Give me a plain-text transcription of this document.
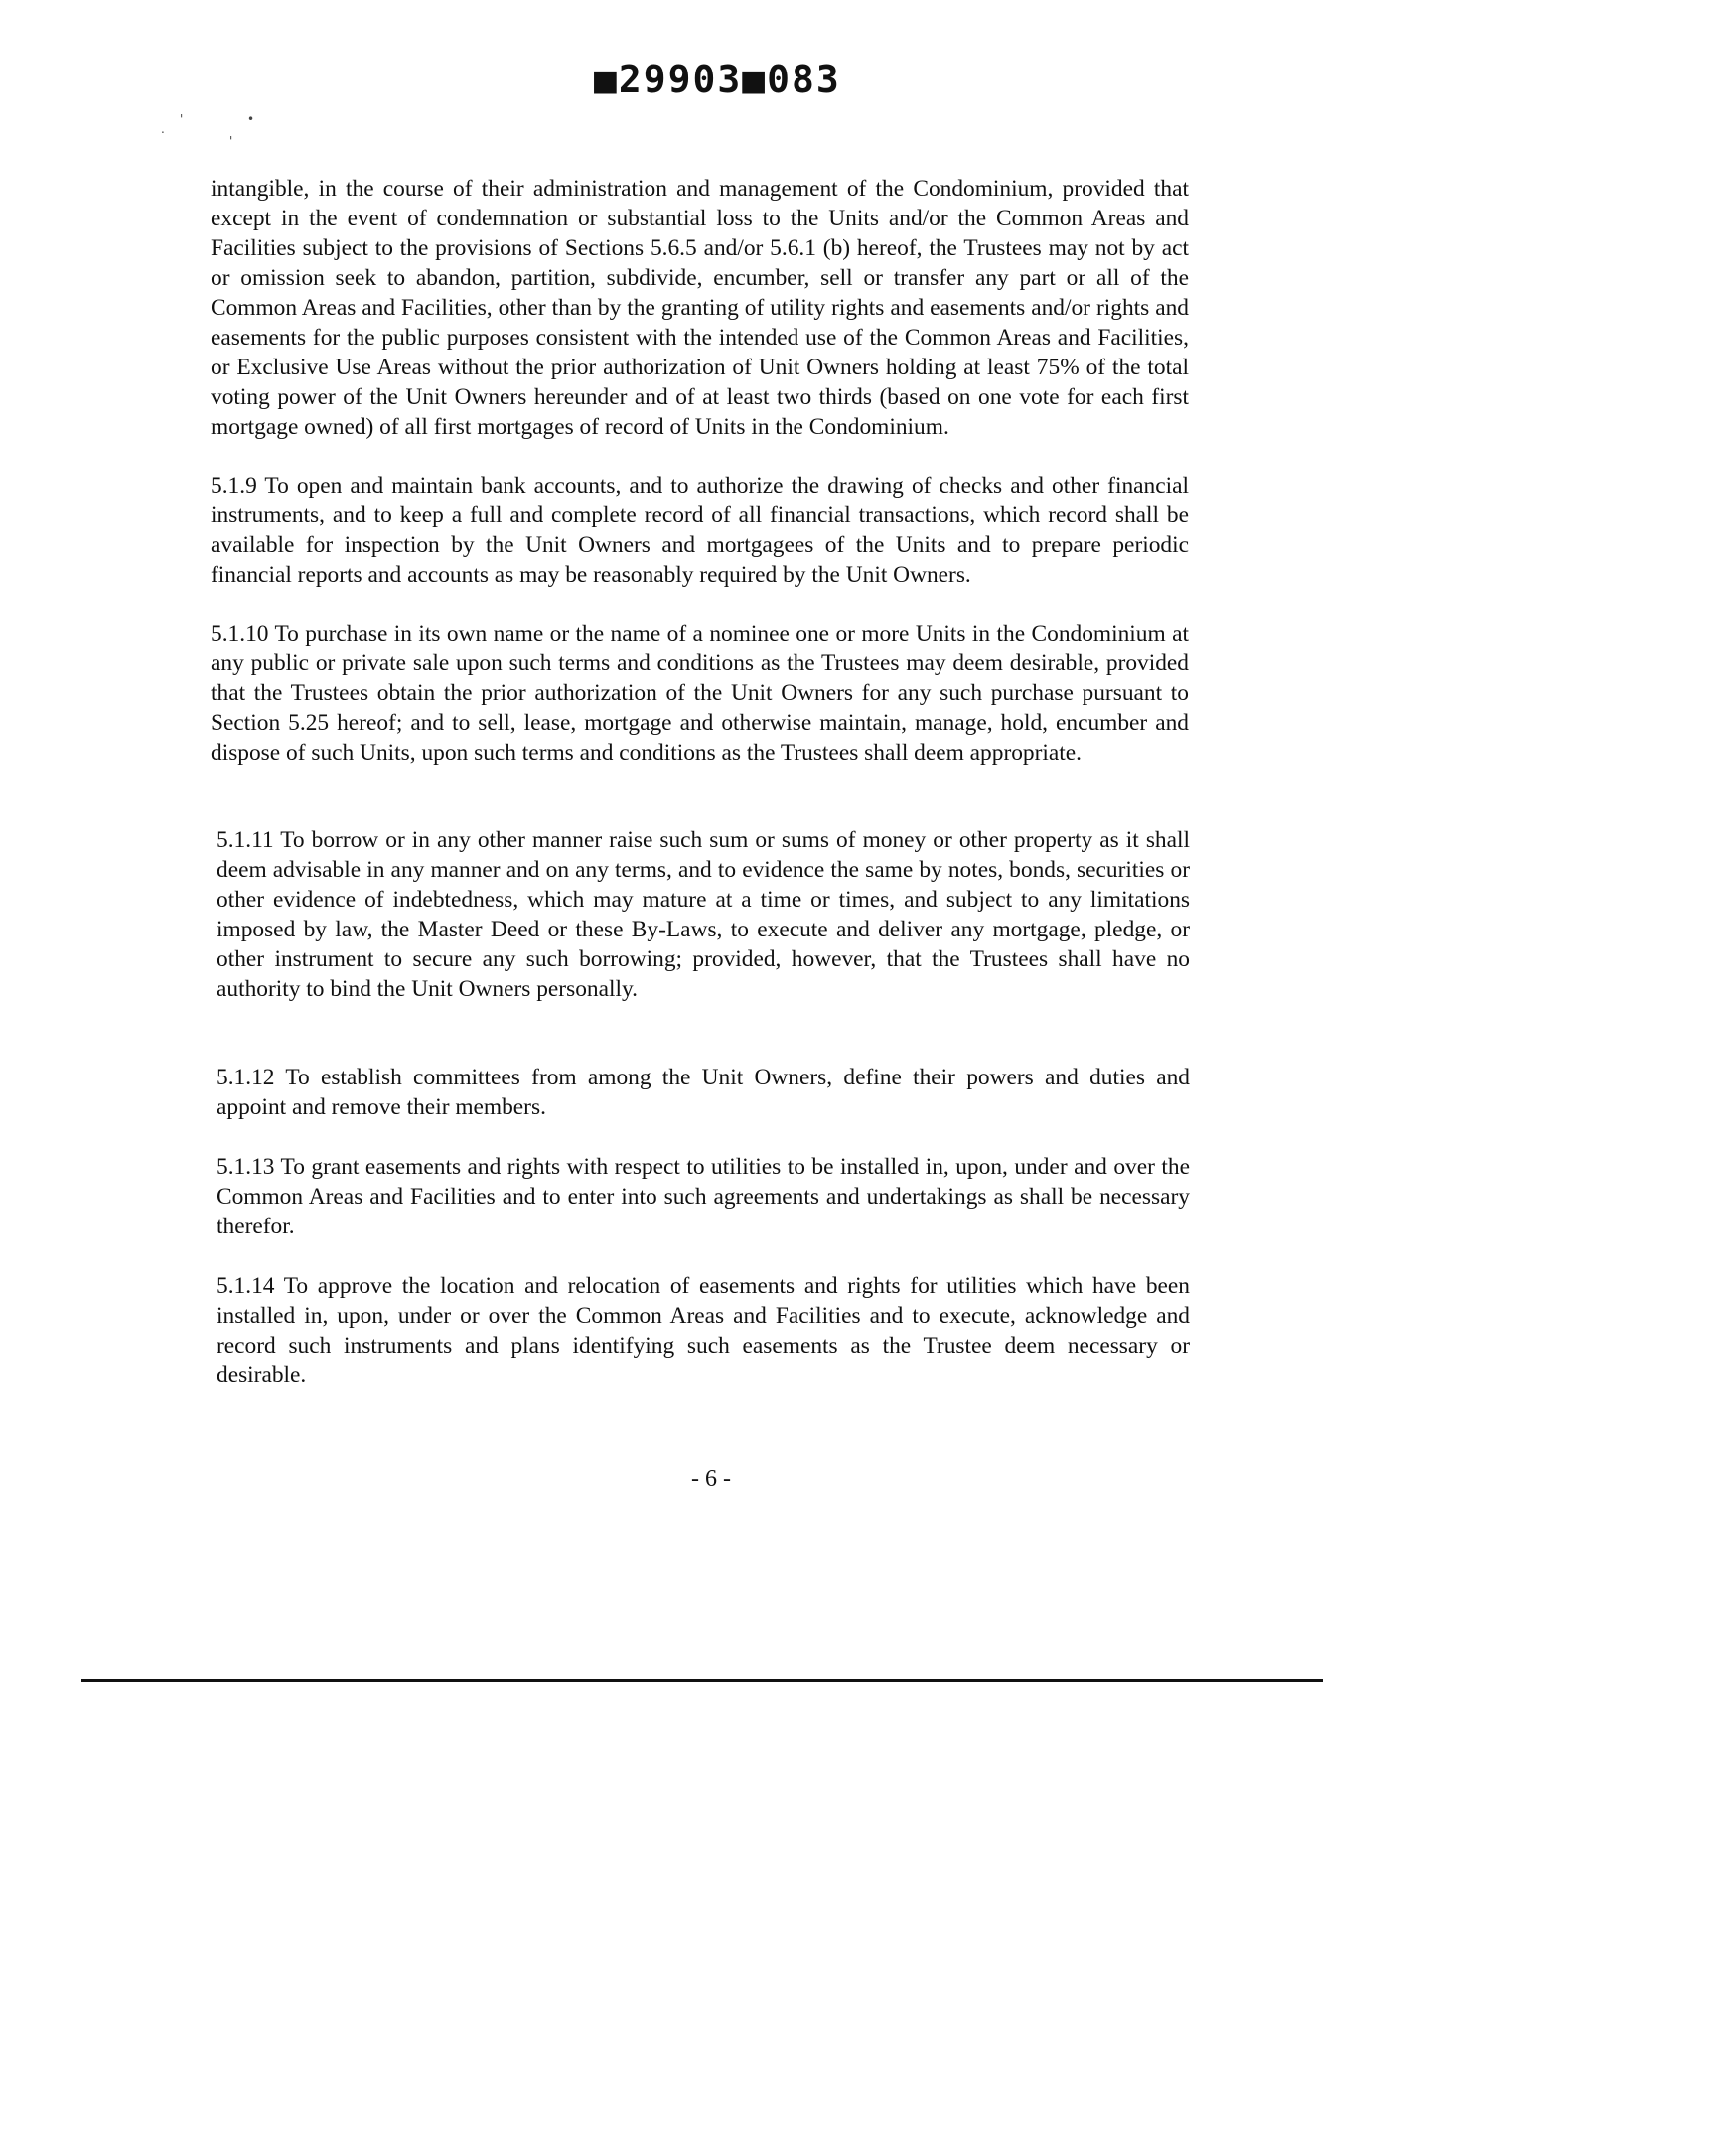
■29903■083
.
'	•
'
intangible, in the course of their administration and management of the Condominium, provided that except in the event of condemnation or substantial loss to the Units and/or the Common Areas and Facilities subject to the provisions of Sections 5.6.5 and/or 5.6.1 (b) hereof, the Trustees may not by act or omission seek to abandon, partition, subdivide, encumber, sell or transfer any part or all of the Common Areas and Facilities, other than by the granting of utility rights and easements and/or rights and easements for the public purposes consistent with the intended use of the Common Areas and Facilities, or Exclusive Use Areas without the prior authorization of Unit Owners holding at least 75% of the total voting power of the Unit Owners hereunder and of at least two thirds (based on one vote for each first mortgage owned) of all first mortgages of record of Units in the Condominium.
5.1.9 To open and maintain bank accounts, and to authorize the drawing of checks and other financial instruments, and to keep a full and complete record of all financial transactions, which record shall be available for inspection by the Unit Owners and mortgagees of the Units and to prepare periodic financial reports and accounts as may be reasonably required by the Unit Owners.
5.1.10 To purchase in its own name or the name of a nominee one or more Units in the Condominium at any public or private sale upon such terms and conditions as the Trustees may deem desirable, provided that the Trustees obtain the prior authorization of the Unit Owners for any such purchase pursuant to Section 5.25 hereof; and to sell, lease, mortgage and otherwise maintain, manage, hold, encumber and dispose of such Units, upon such terms and conditions as the Trustees shall deem appropriate.
5.1.11 To borrow or in any other manner raise such sum or sums of money or other property as it shall deem advisable in any manner and on any terms, and to evidence the same by notes, bonds, securities or other evidence of indebtedness, which may mature at a time or times, and subject to any limitations imposed by law, the Master Deed or these By-Laws, to execute and deliver any mortgage, pledge, or other instrument to secure any such borrowing; provided, however, that the Trustees shall have no authority to bind the Unit Owners personally.
5.1.12 To establish committees from among the Unit Owners, define their powers and duties and appoint and remove their members.
5.1.13 To grant easements and rights with respect to utilities to be installed in, upon, under and over the Common Areas and Facilities and to enter into such agreements and undertakings as shall be necessary therefor.
5.1.14 To approve the location and relocation of easements and rights for utilities which have been installed in, upon, under or over the Common Areas and Facilities and to execute, acknowledge and record such instruments and plans identifying such easements as the Trustee deem necessary or desirable.
- 6 -
